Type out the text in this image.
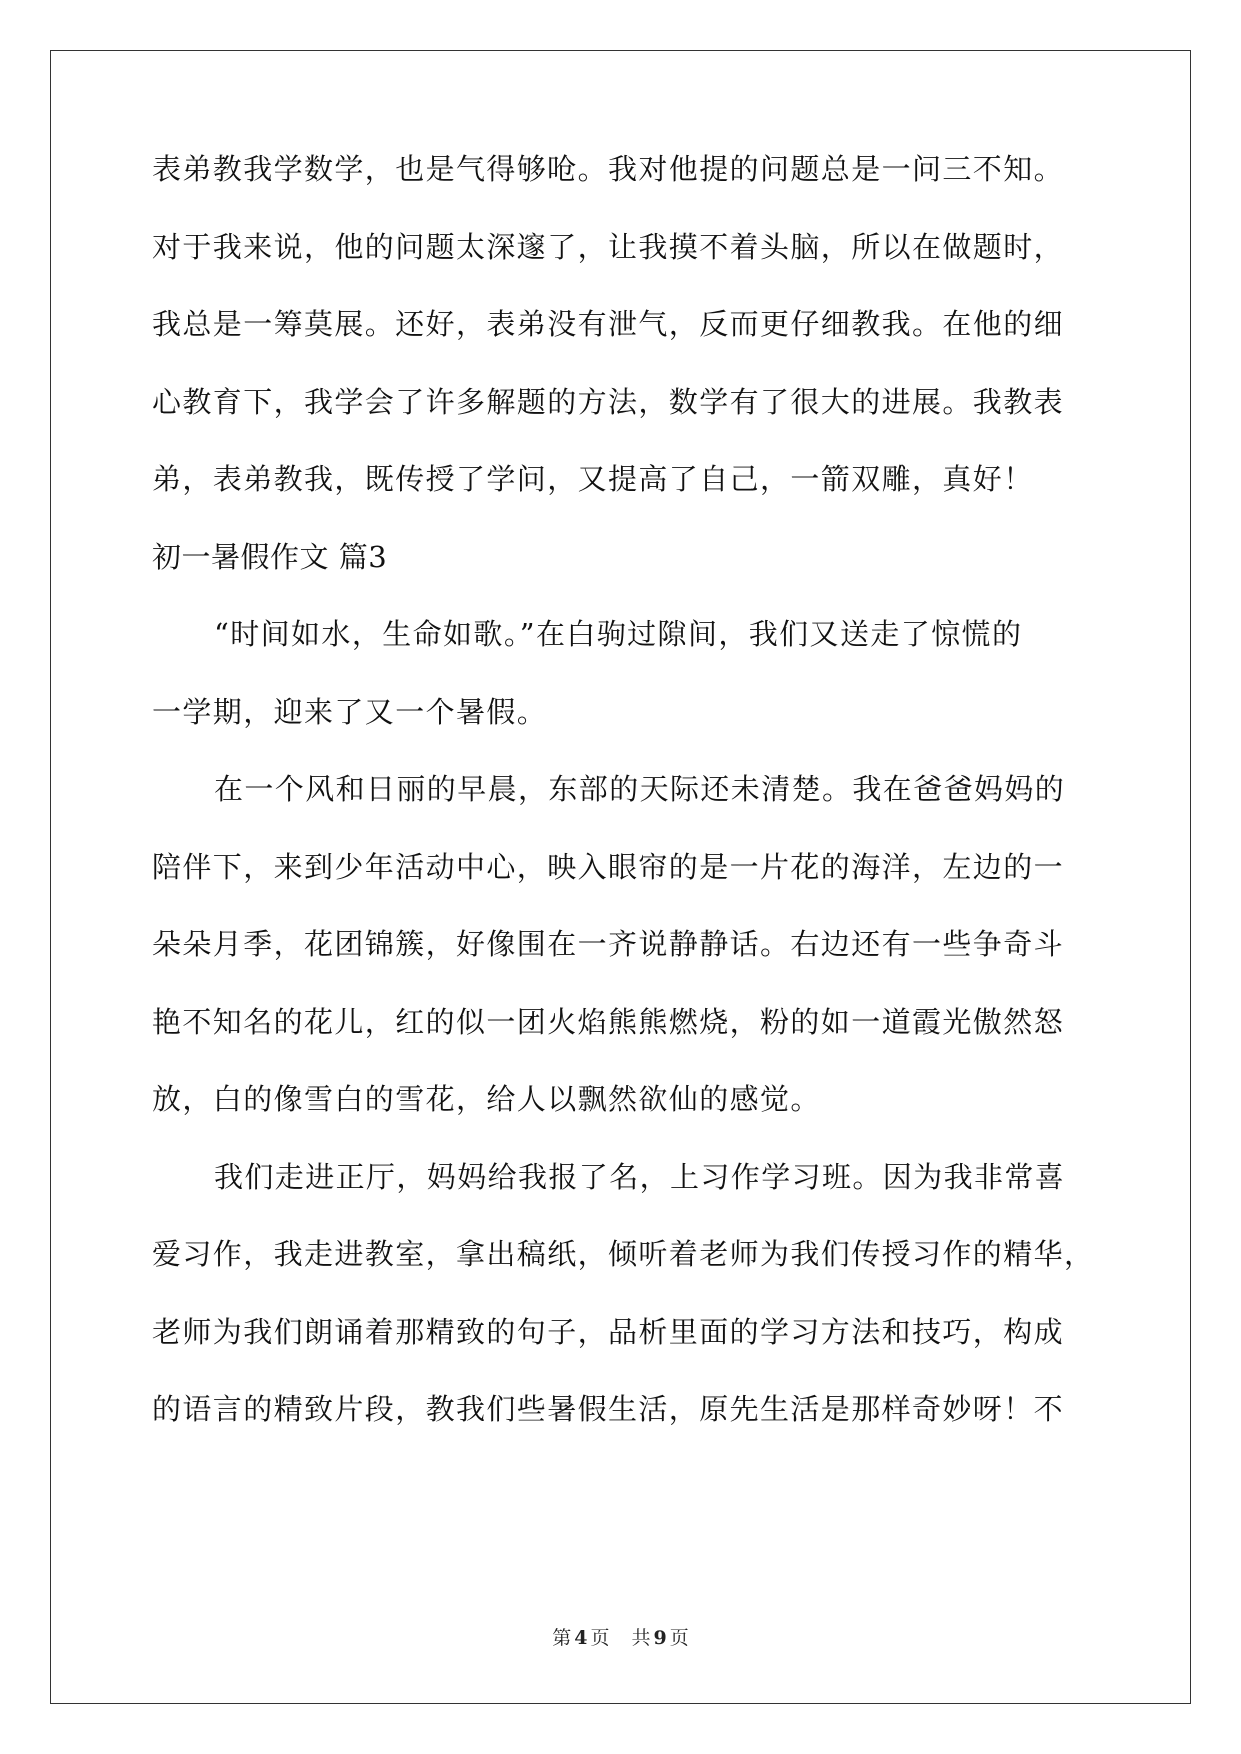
表弟教我学数学，也是气得够呛。我对他提的问题总是一问三不知。
对于我来说，他的问题太深邃了，让我摸不着头脑，所以在做题时，
我总是一筹莫展。还好，表弟没有泄气，反而更仔细教我。在他的细
心教育下，我学会了许多解题的方法，数学有了很大的进展。我教表
弟，表弟教我，既传授了学问，又提高了自己，一箭双雕，真好！
初一暑假作文 篇3
“时间如水，生命如歌。”在白驹过隙间，我们又送走了惊慌的
一学期，迎来了又一个暑假。
在一个风和日丽的早晨，东部的天际还未清楚。我在爸爸妈妈的
陪伴下，来到少年活动中心，映入眼帘的是一片花的海洋，左边的一
朵朵月季，花团锦簇，好像围在一齐说静静话。右边还有一些争奇斗
艳不知名的花儿，红的似一团火焰熊熊燃烧，粉的如一道霞光傲然怒
放，白的像雪白的雪花，给人以飘然欲仙的感觉。
我们走进正厅，妈妈给我报了名，上习作学习班。因为我非常喜
爱习作，我走进教室，拿出稿纸，倾听着老师为我们传授习作的精华，
老师为我们朗诵着那精致的句子，品析里面的学习方法和技巧，构成
的语言的精致片段，教我们些暑假生活，原先生活是那样奇妙呀！不
第 4 页 共 9 页
